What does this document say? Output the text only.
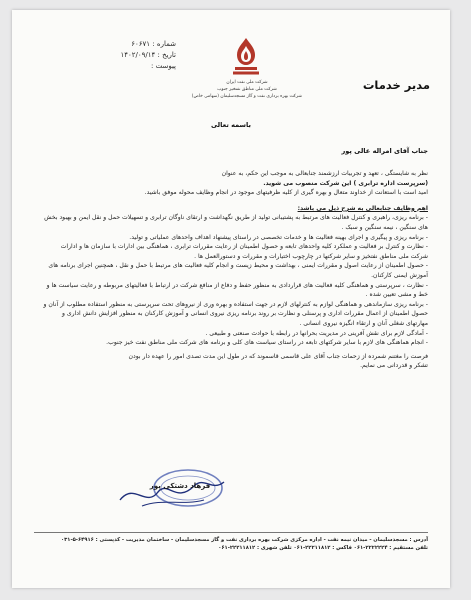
شماره : ۶۰۶۷۱
تاریخ : ۱۴۰۲/۰۹/۱۴
پیوست :
شرکت ملی نفت ایران
شرکت ملی مناطق نفتخیز جنوب
شرکت بهره برداری نفت و گاز مسجدسلیمان (سهامی خاص)
مدیر خدمات
باسمه تعالی
جناب آقای امراله عالی پور
نظر به شایستگی ، تعهد و تجربیات ارزشمند جنابعالی به موجب این حکم، به عنوان
(سرپرست اداره ترابری ) این شرکت منصوب می شوید.
امید است با استعانت از خداوند متعال و بهره گیری از کلیه ظرفیتهای موجود در انجام وظایف محوله موفق باشید.
اهم وظایف جنابعالی به شرح ذیل می باشد:
- برنامه ریزی، راهبری و کنترل فعالیت های مرتبط به پشتیبانی تولید از طریق نگهداشت و ارتقای ناوگان ترابری و تسهیلات حمل و نقل ایمن و بهبود بخش های سنگین ، نیمه سنگین و سبک .
- برنامه ریزی و پیگیری و اجرای بهینه فعالیت ها و خدمات تخصصی در راستای پیشنهاد اهداف واحدهای عملیاتی و تولید.
- نظارت و کنترل بر فعالیت و عملکرد کلیه واحدهای تابعه و حصول اطمینان از رعایت مقررات ترابری ، هماهنگی بین ادارات با سازمان ها و ادارات شرکت ملی مناطق نفتخیز و سایر شرکتها در چارچوب اختیارات و مقررات و دستورالعمل ها .
- حصول اطمینان از رعایت اصول و مقررات ایمنی ، بهداشت و محیط زیست و انجام کلیه فعالیت های مرتبط با حمل و نقل ، همچنین اجرای برنامه های آموزش ایمنی کارکنان.
- نظارت ، سرپرستی و هماهنگی کلیه فعالیت های قراردادی به منظور حفظ و دفاع از منافع شرکت در ارتباط با فعالیتهای مربوطه و رعایت سیاست ها و خط و مشی تعیین شده .
- برنامه ریزی سازماندهی و هماهنگی لوازم به کنترلهای لازم در جهت استفاده و بهره وری از نیروهای تحت سرپرستی به منظور استفاده مطلوب از آنان و حصول اطمینان از اعمال مقررات اداری و پرسنلی و نظارت بر روند برنامه ریزی نیروی انسانی و آموزش کارکنان به منظور افزایش دانش اداری و مهارتهای شغلی آنان و ارتقاء انگیزه نیروی انسانی .
- آمادگی لازم برای نقش آفرینی در مدیریت بحرانها در رابطه با حوادث صنعتی و طبیعی .
- انجام هماهنگی های لازم با سایر شرکتهای تابعه در راستای سیاست های کلی و برنامه های شرکت ملی مناطق نفت خیز جنوب.
فرصت را مغتنم شمرده از زحمات جناب آقای علی قاسمی قاسموند که در طول این مدت تصدی امور را عهده دار بودن
تشکر و قدردانی می نمایم.
فرهاد دشتکی پور
آدرس : مسجدسلیمان - میدان نیمه نفت - اداره مرکزی شرکت بهره برداری نفت و گاز مسجدسلیمان - ساختمان مدیریت - کدپستی : ۶۴۹۱۶-۵-۰۳۱
تلفن مستقیم : ۲۲۲۲۲۲۴-۰۶۱ فاکس : ۲۲۲۱۱۸۱۲-۰۶۱ تلفن شهری : ۲۲۲۱۱۸۱۲-۰۶۱
